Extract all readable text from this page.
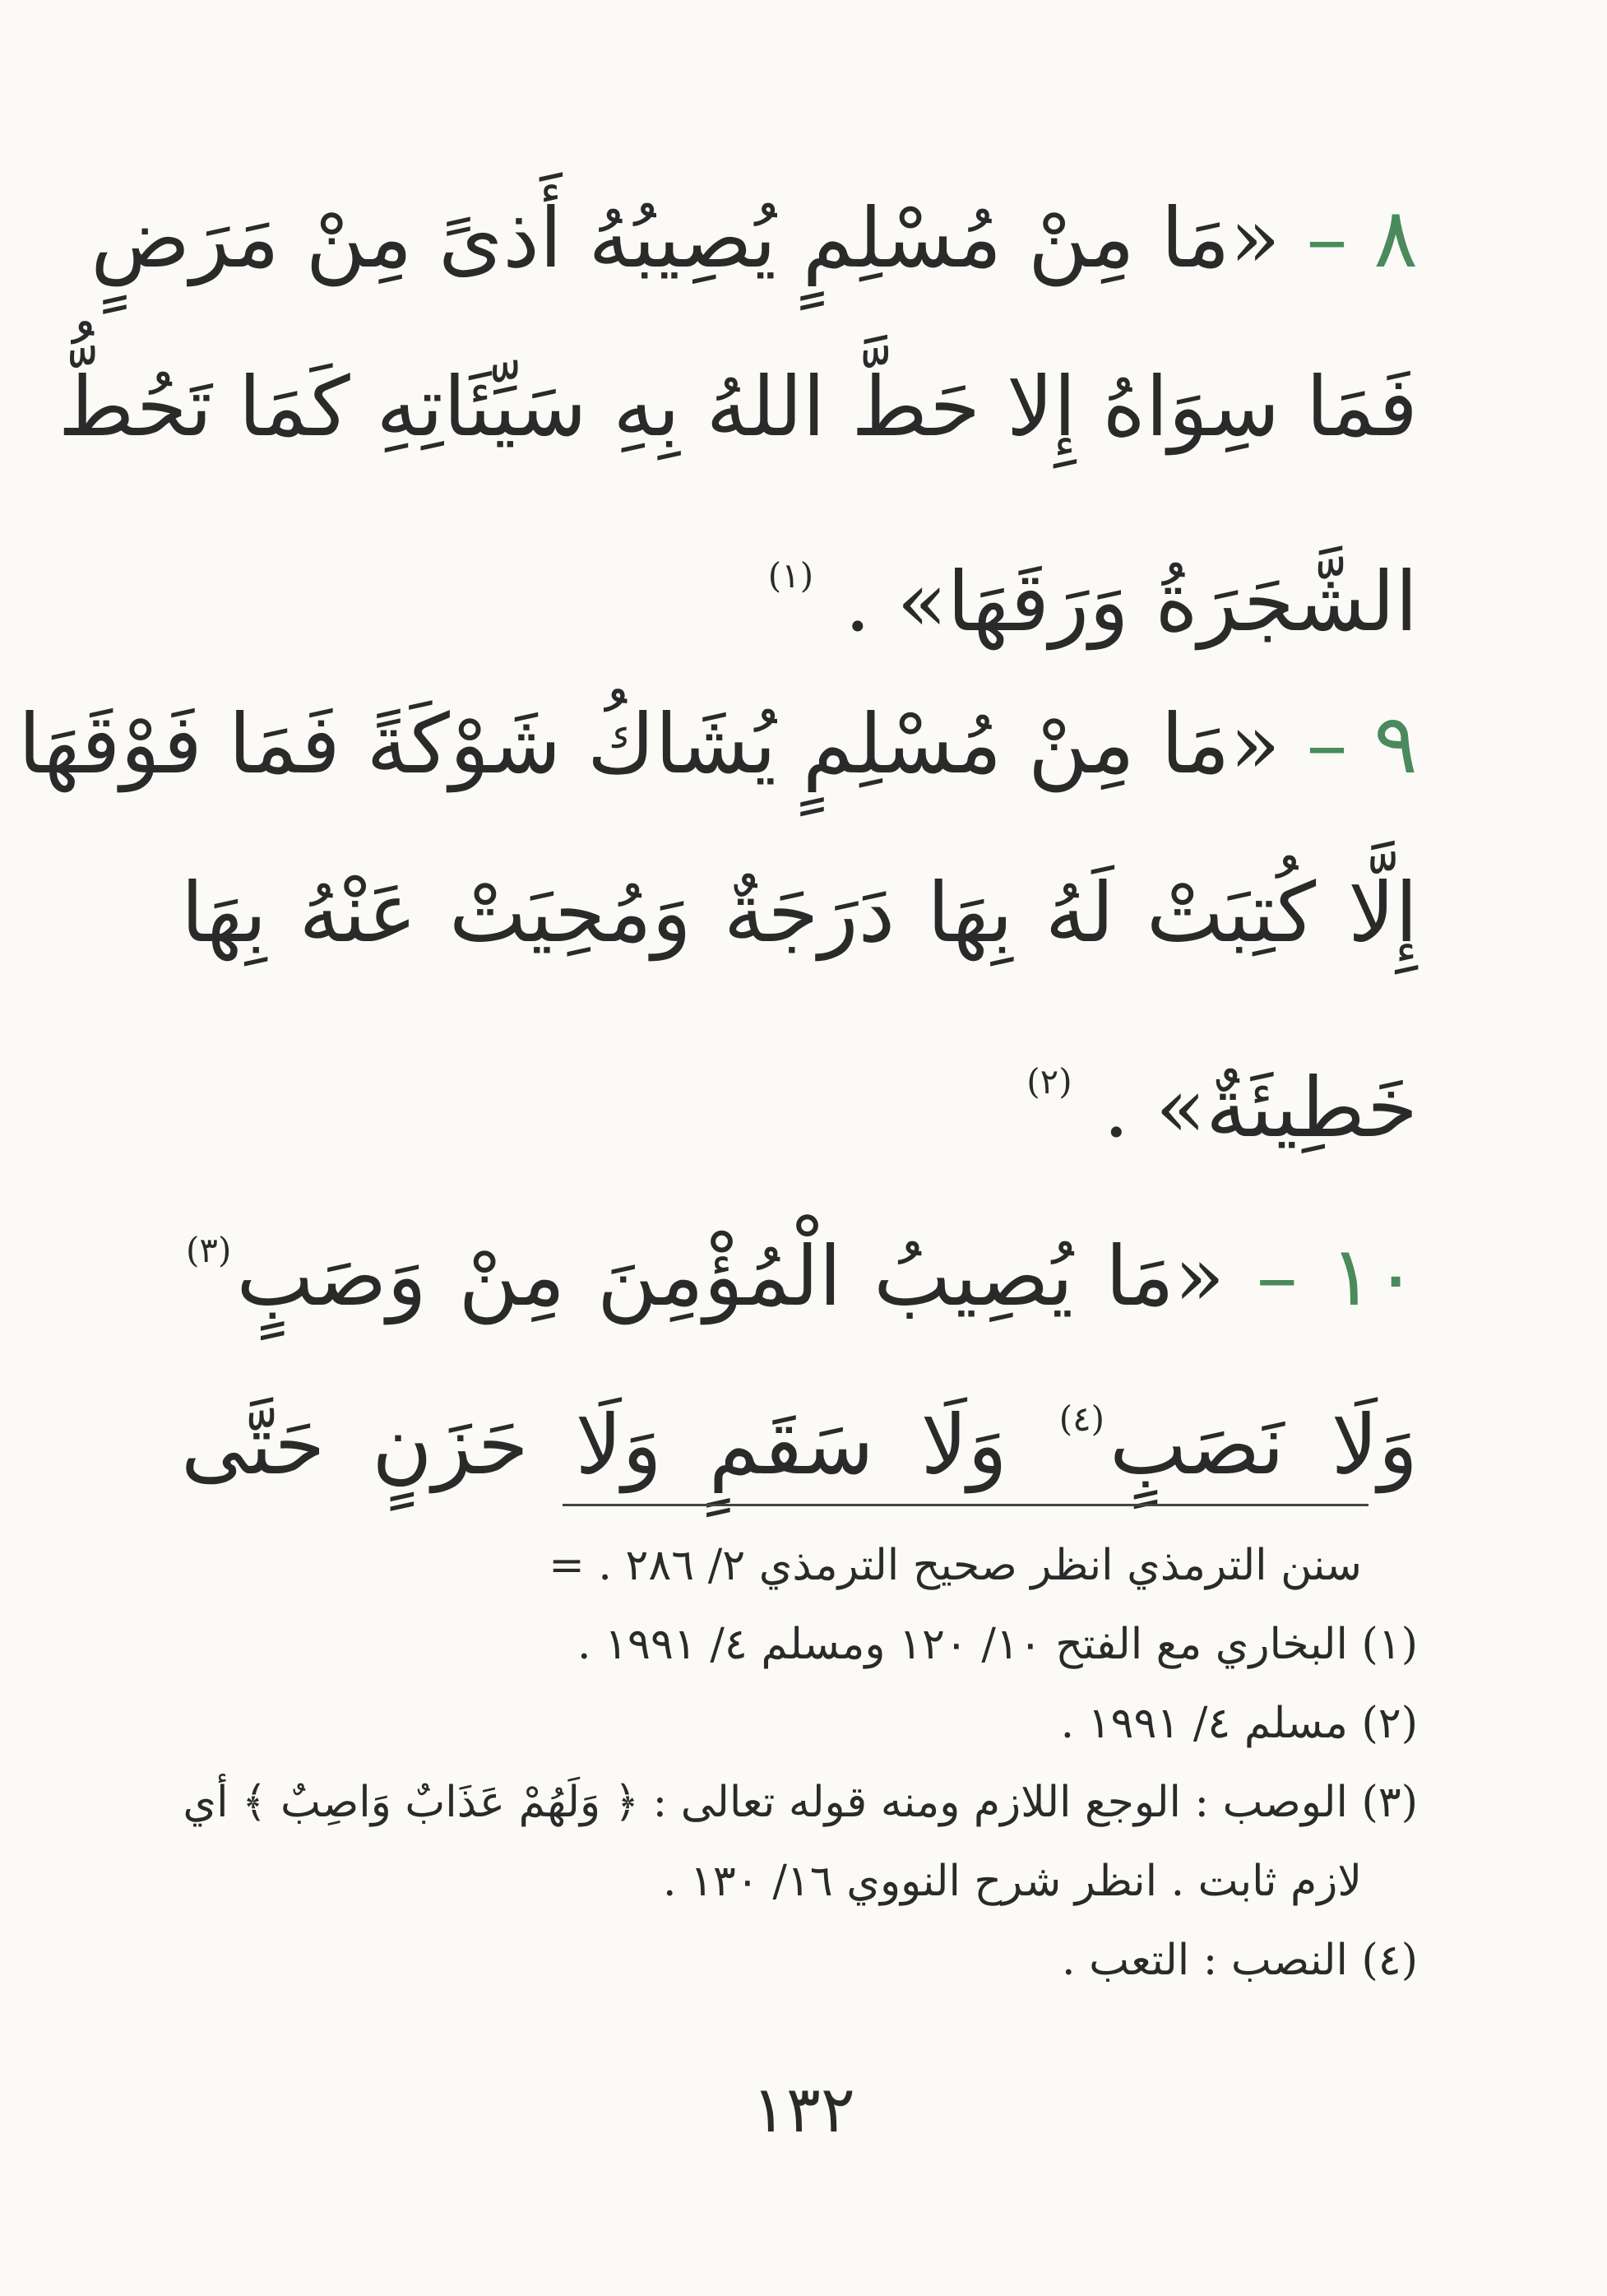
٨ – «مَا مِنْ مُسْلِمٍ يُصِيبُهُ أَذىً مِنْ مَرَضٍ
فَمَا سِوَاهُ إِلا حَطَّ اللهُ بِهِ سَيِّئَاتِهِ كَمَا تَحُطُّ
الشَّجَرَةُ وَرَقَهَا» . $^{(١)}$
٩ – «مَا مِنْ مُسْلِمٍ يُشَاكُ شَوْكَةً فَمَا فَوْقَهَا
إِلَّا كُتِبَتْ لَهُ بِهَا دَرَجَةٌ وَمُحِيَتْ عَنْهُ بِهَا
خَطِيئَةٌ» . $^{(٢)}$
١٠ – «مَا يُصِيبُ الْمُؤْمِنَ مِنْ وَصَبٍ$^{(٣)}$
وَلَا نَصَبٍ$^{(٤)}$ وَلَا سَقَمٍ وَلَا حَزَنٍ حَتَّى
سنن الترمذي انظر صحيح الترمذي ٢/ ٢٨٦ . =
(١) البخاري مع الفتح ١٠/ ١٢٠ ومسلم ٤/ ١٩٩١ .
(٢) مسلم ٤/ ١٩٩١ .
(٣) الوصب : الوجع اللازم ومنه قوله تعالى : ﴿ وَلَهُمْ عَذَابٌ وَاصِبٌ ﴾ أي
لازم ثابت . انظر شرح النووي ١٦/ ١٣٠ .
(٤) النصب : التعب .
١٣٢
